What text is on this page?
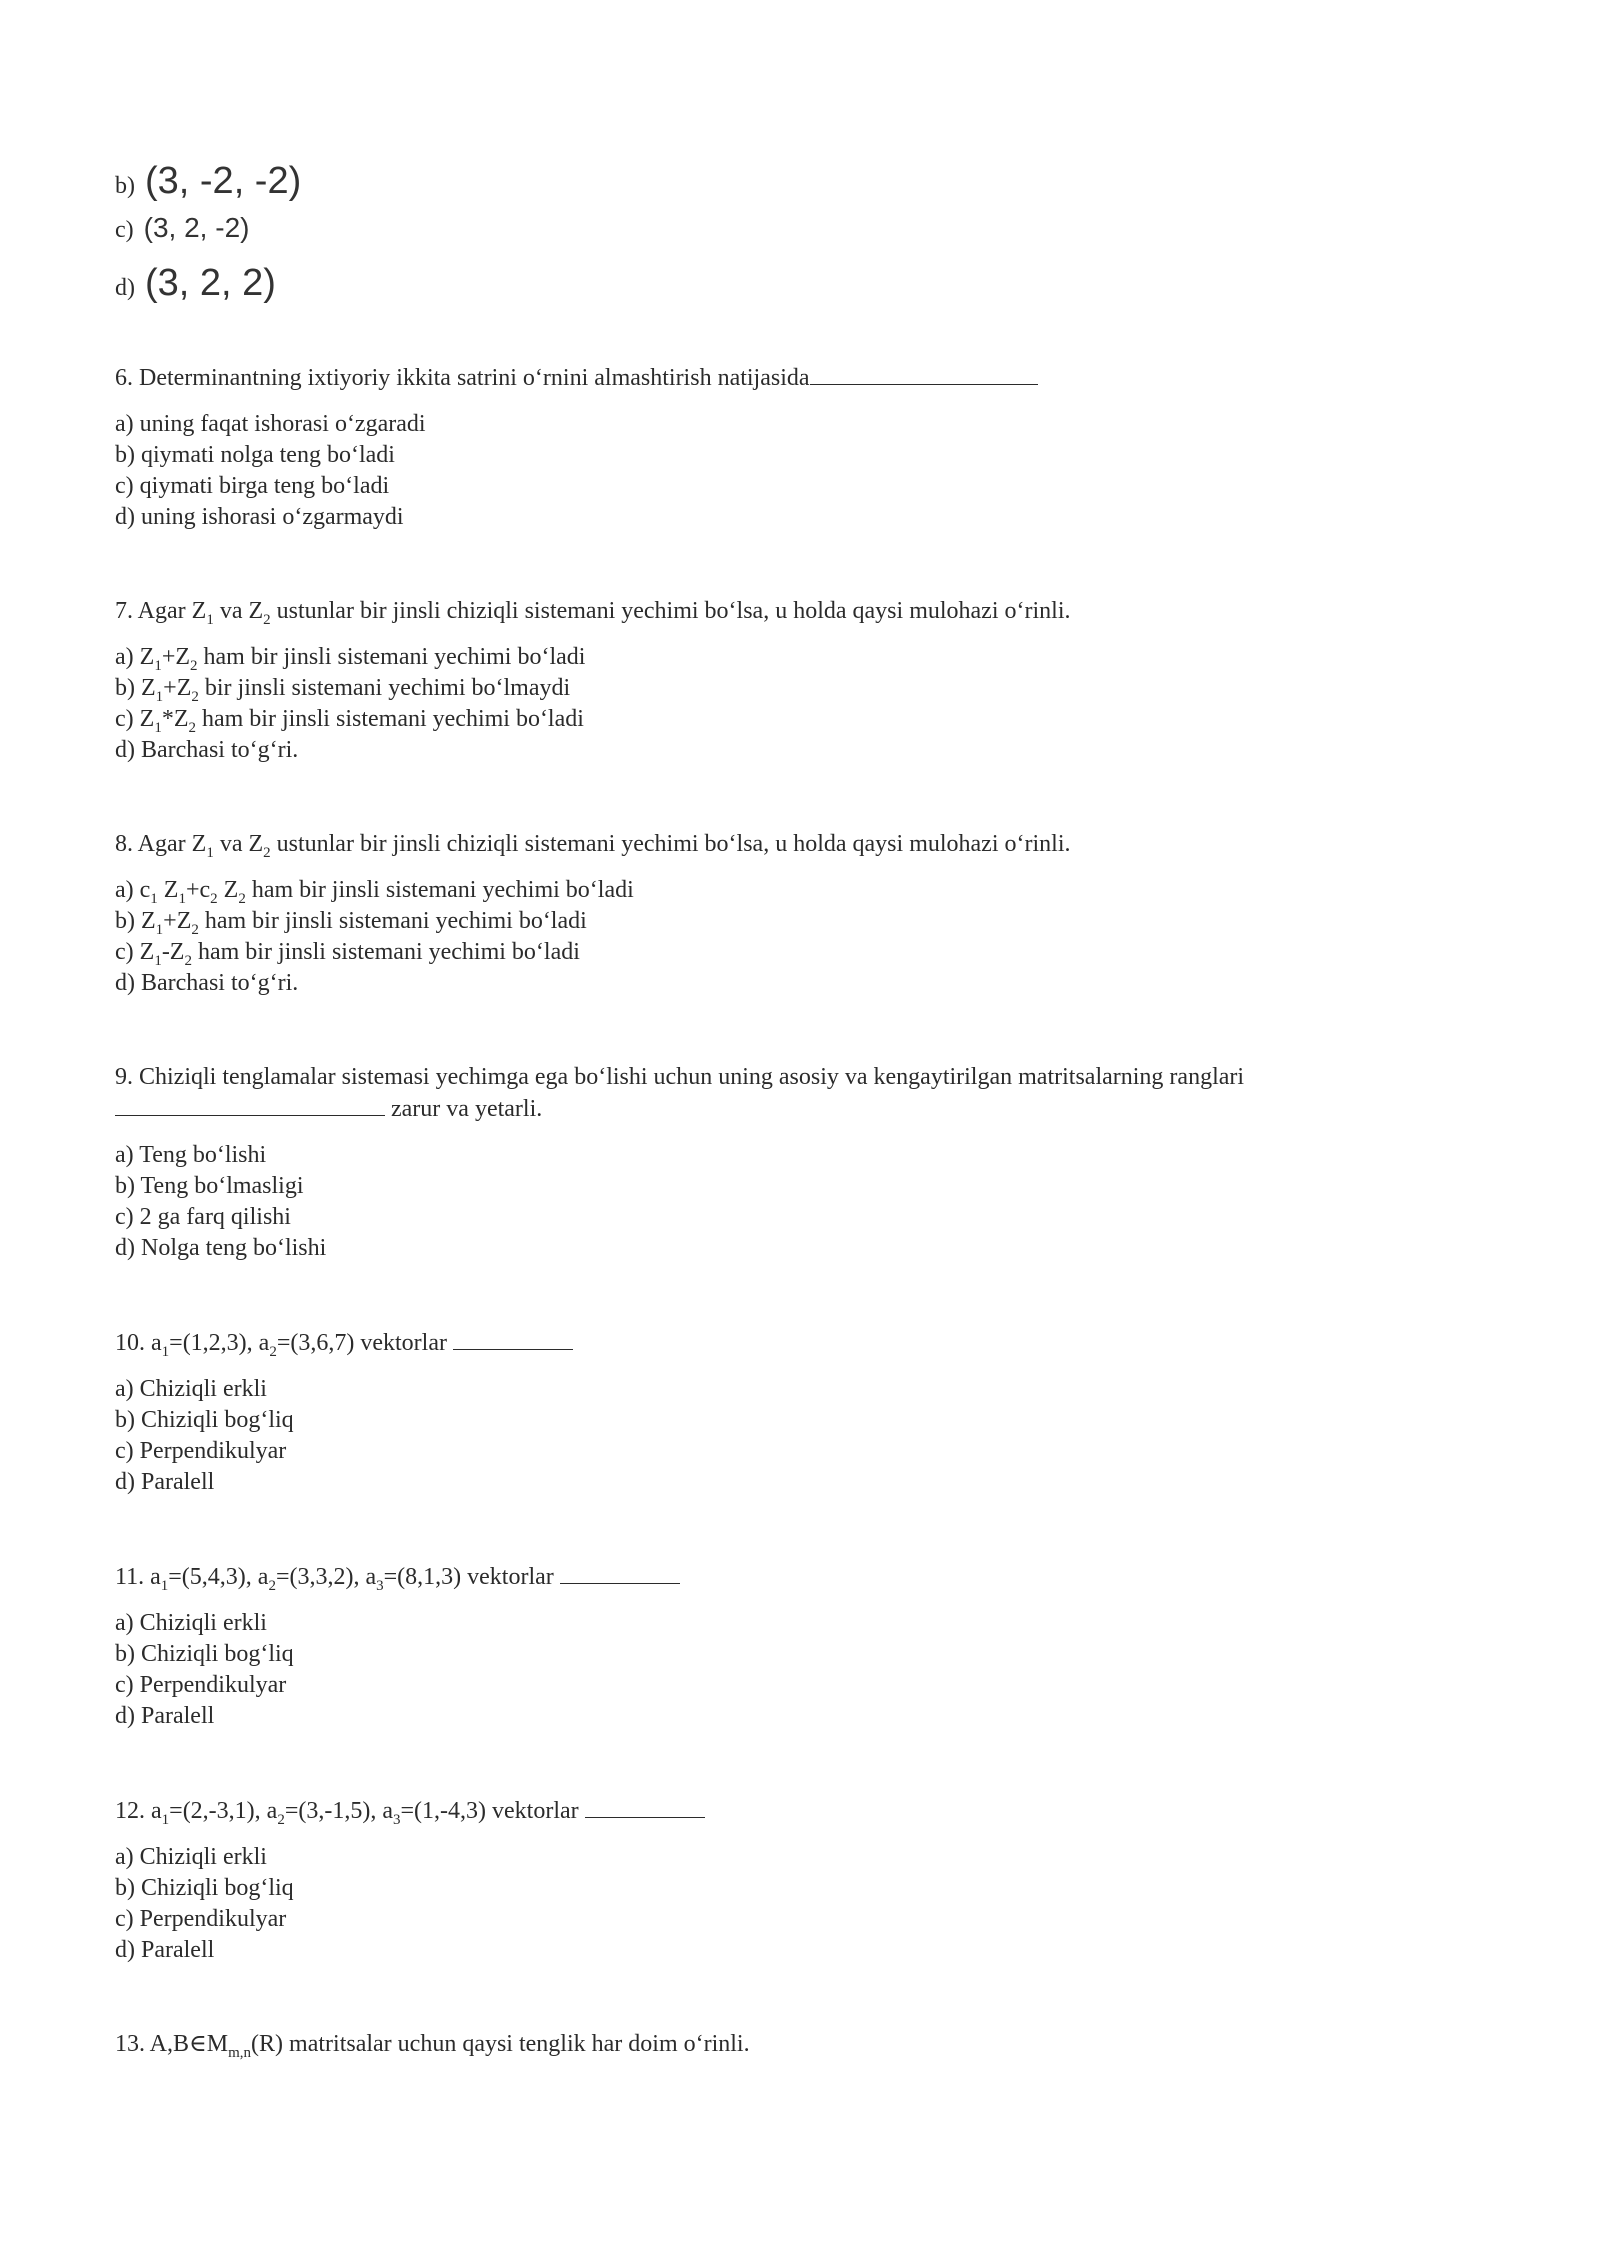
b) (3, -2, -2)
c) (3, 2, -2)
d) (3, 2, 2)

6. Determinantning ixtiyoriy ikkita satrini o‘rnini almashtirish natijasida

a) uning faqat ishorasi o‘zgaradi
b) qiymati nolga teng bo‘ladi
c) qiymati birga teng bo‘ladi
d) uning ishorasi o‘zgarmaydi

7. Agar $Z_1$ va $Z_2$ ustunlar bir jinsli chiziqli sistemani yechimi bo‘lsa, u holda qaysi mulohazi o‘rinli.

a) $Z_1+Z_2$ ham bir jinsli sistemani yechimi bo‘ladi
b) $Z_1+Z_2$ bir jinsli sistemani yechimi bo‘lmaydi
c) $Z_1*Z_2$ ham bir jinsli sistemani yechimi bo‘ladi
d) Barchasi to‘g‘ri.

8. Agar $Z_1$ va $Z_2$ ustunlar bir jinsli chiziqli sistemani yechimi bo‘lsa, u holda qaysi mulohazi o‘rinli.

a) $c_1$ $Z_1+c_2$ $Z_2$ ham bir jinsli sistemani yechimi bo‘ladi
b) $Z_1+Z_2$ ham bir jinsli sistemani yechimi bo‘ladi
c) $Z_1-Z_2$ ham bir jinsli sistemani yechimi bo‘ladi
d) Barchasi to‘g‘ri.

9. Chiziqli tenglamalar sistemasi yechimga ega bo‘lishi uchun uning asosiy va kengaytirilgan matritsalarning ranglari
zarur va yetarli.

a) Teng bo‘lishi
b) Teng bo‘lmasligi
c) 2 ga farq qilishi
d) Nolga teng bo‘lishi

10. $a_1=(1,2,3)$, $a_2=(3,6,7)$ vektorlar

a) Chiziqli erkli
b) Chiziqli bog‘liq
c) Perpendikulyar
d) Paralell

11. $a_1=(5,4,3)$, $a_2=(3,3,2)$, $a_3=(8,1,3)$ vektorlar

a) Chiziqli erkli
b) Chiziqli bog‘liq
c) Perpendikulyar
d) Paralell

12. $a_1=(2,-3,1)$, $a_2=(3,-1,5)$, $a_3=(1,-4,3)$ vektorlar

a) Chiziqli erkli
b) Chiziqli bog‘liq
c) Perpendikulyar
d) Paralell

13. $A,B\in M_{m,n}(R)$ matritsalar uchun qaysi tenglik har doim o‘rinli.
